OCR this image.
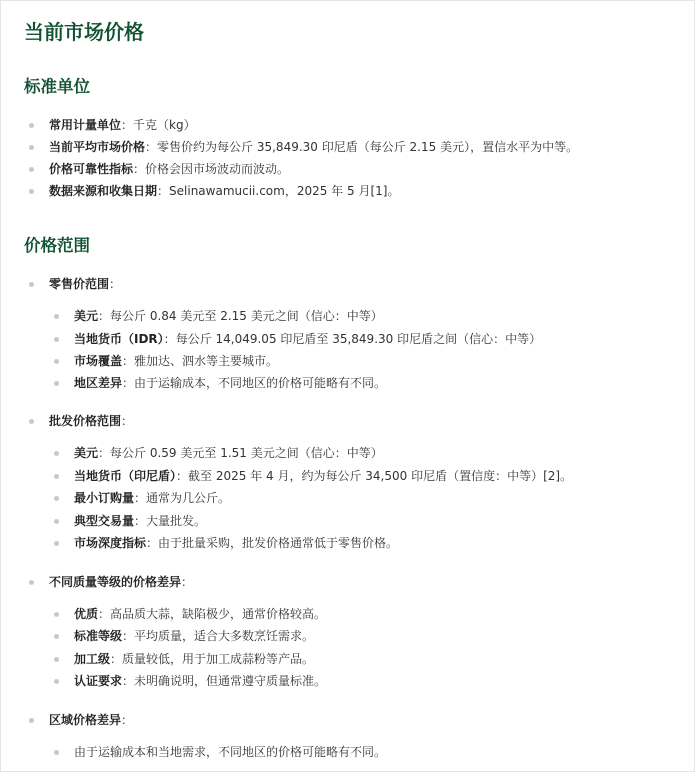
当前市场价格
标准单位
常用计量单位：千克（kg）
当前平均市场价格：零售价约为每公斤 35,849.30 印尼盾（每公斤 2.15 美元），置信水平为中等。
价格可靠性指标：价格会因市场波动而波动。
数据来源和收集日期：Selinawamucii.com，2025 年 5 月[1]。
价格范围
零售价范围：
美元：每公斤 0.84 美元至 2.15 美元之间（信心：中等）
当地货币（IDR）：每公斤 14,049.05 印尼盾至 35,849.30 印尼盾之间（信心：中等）
市场覆盖：雅加达、泗水等主要城市。
地区差异：由于运输成本，不同地区的价格可能略有不同。
批发价格范围：
美元：每公斤 0.59 美元至 1.51 美元之间（信心：中等）
当地货币（印尼盾）：截至 2025 年 4 月，约为每公斤 34,500 印尼盾（置信度：中等）[2]。
最小订购量：通常为几公斤。
典型交易量：大量批发。
市场深度指标：由于批量采购，批发价格通常低于零售价格。
不同质量等级的价格差异：
优质：高品质大蒜，缺陷极少，通常价格较高。
标准等级：平均质量，适合大多数烹饪需求。
加工级：质量较低，用于加工成蒜粉等产品。
认证要求：未明确说明，但通常遵守质量标准。
区域价格差异：
由于运输成本和当地需求，不同地区的价格可能略有不同。
